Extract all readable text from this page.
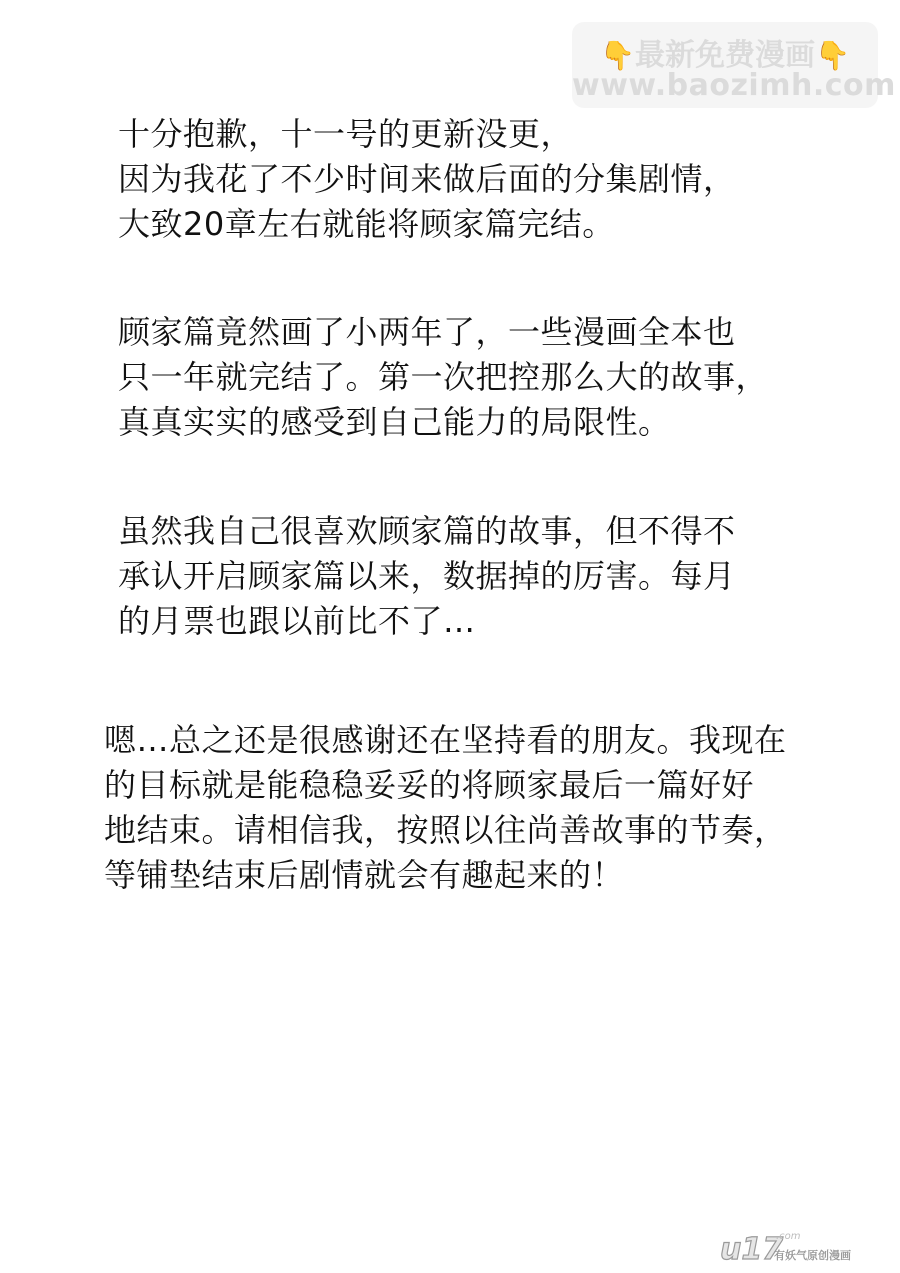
👇最新免费漫画👇
www.baozimh.com
十分抱歉，十一号的更新没更，
因为我花了不少时间来做后面的分集剧情，
大致20章左右就能将顾家篇完结。
顾家篇竟然画了小两年了，一些漫画全本也
只一年就完结了。第一次把控那么大的故事，
真真实实的感受到自己能力的局限性。
虽然我自己很喜欢顾家篇的故事，但不得不
承认开启顾家篇以来，数据掉的厉害。每月
的月票也跟以前比不了…
嗯…总之还是很感谢还在坚持看的朋友。我现在
的目标就是能稳稳妥妥的将顾家最后一篇好好
地结束。请相信我，按照以往尚善故事的节奏，
等铺垫结束后剧情就会有趣起来的！
u17
.com
有妖气原创漫画
